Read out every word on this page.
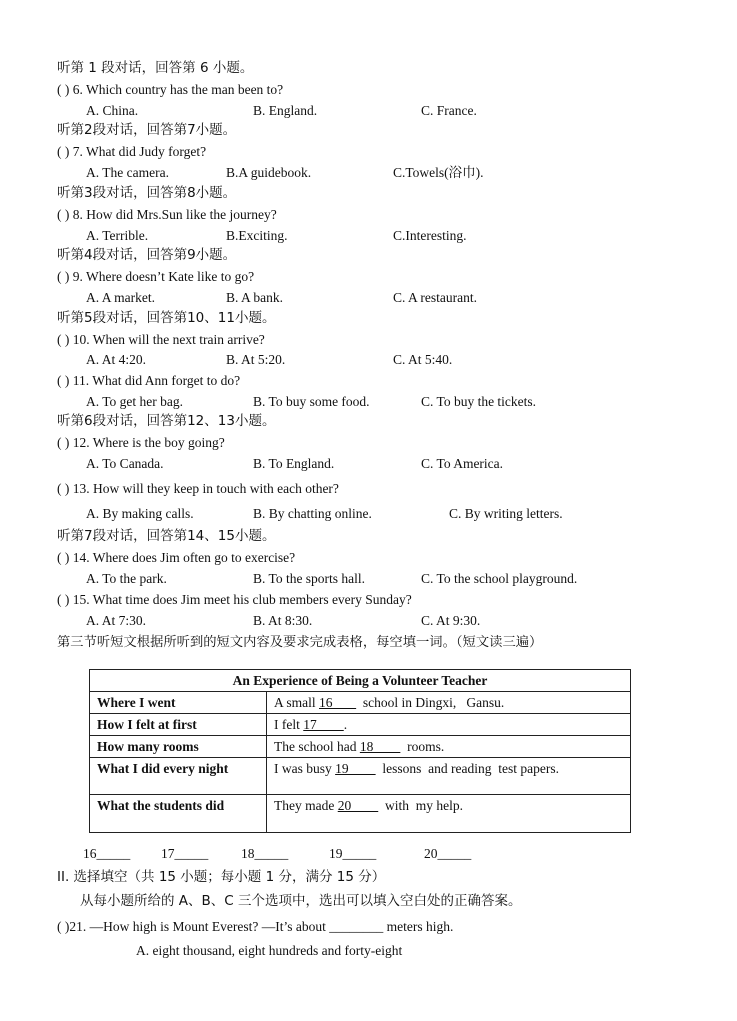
听第 1 段对话，回答第 6 小题。
( ) 6. Which country has the man been to?
A. China.	B. England.	C. France.
听第2段对话，回答第7小题。
( ) 7. What did Judy forget?
A. The camera.	B.A guidebook.	C.Towels(浴巾).
听第3段对话，回答第8小题。
( ) 8. How did Mrs.Sun like the journey?
A. Terrible.	B.Exciting.	C.Interesting.
听第4段对话，回答第9小题。
( ) 9. Where doesn’t Kate like to go?
A. A market.	B. A bank.	C. A restaurant.
听第5段对话，回答第10、11小题。
( ) 10. When will the next train arrive?
A. At 4:20.	B. At 5:20.	C. At 5:40.
( ) 11. What did Ann forget to do?
A. To get her bag.	B. To buy some food.	C. To buy the tickets.
听第6段对话，回答第12、13小题。
( ) 12. Where is the boy going?
A. To Canada.	B. To England.	C. To America.
( ) 13. How will they keep in touch with each other?
A. By making calls.	B. By chatting online.	C. By writing letters.
听第7段对话，回答第14、15小题。
( ) 14. Where does Jim often go to exercise?
A. To the park.	B. To the sports hall.	C. To the school playground.
( ) 15. What time does Jim meet his club members every Sunday?
A. At 7:30.	B. At 8:30.	C. At 9:30.
第三节听短文根据所听到的短文内容及要求完成表格，每空填一词。（短文读三遍）
An Experience of Being a Volunteer Teacher	
Where I went	A small 16         school in Dingxi,   Gansu.
How I felt at first	I felt 17        .
How many rooms	The school had 18          rooms.
What I did every night	I was busy 19          lessons  and reading  test papers.
What the students did	They made 20          with  my help.
16_____ 17_____ 18_____	19_____	20_____
II. 选择填空（共 15 小题；每小题 1 分，满分 15 分）
从每小题所给的 A、B、C 三个选项中，选出可以填入空白处的正确答案。
( )21. —How high is Mount Everest? —It’s about ________ meters high.
A. eight thousand, eight hundreds and forty-eight
